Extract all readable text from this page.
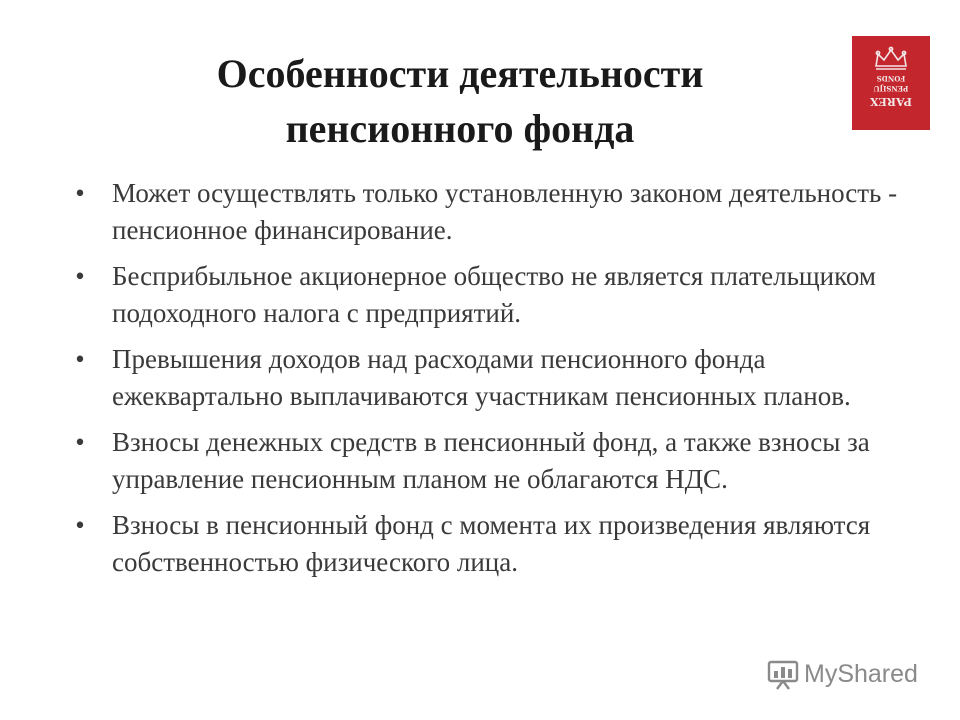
Особенности деятельности
пенсионного фонда
PAREX
PENSIJU
FONDS
• Может осуществлять только установленную законом деятельность - пенсионное финансирование.
• Бесприбыльное акционерное общество не является плательщиком подоходного налога с предприятий.
• Превышения доходов над расходами пенсионного фонда ежеквартально выплачиваются участникам пенсионных планов.
• Взносы денежных средств в пенсионный фонд, а также взносы за управление пенсионным планом не облагаются НДС.
• Взносы в пенсионный фонд с момента их произведения являются собственностью физического лица.
MyShared
